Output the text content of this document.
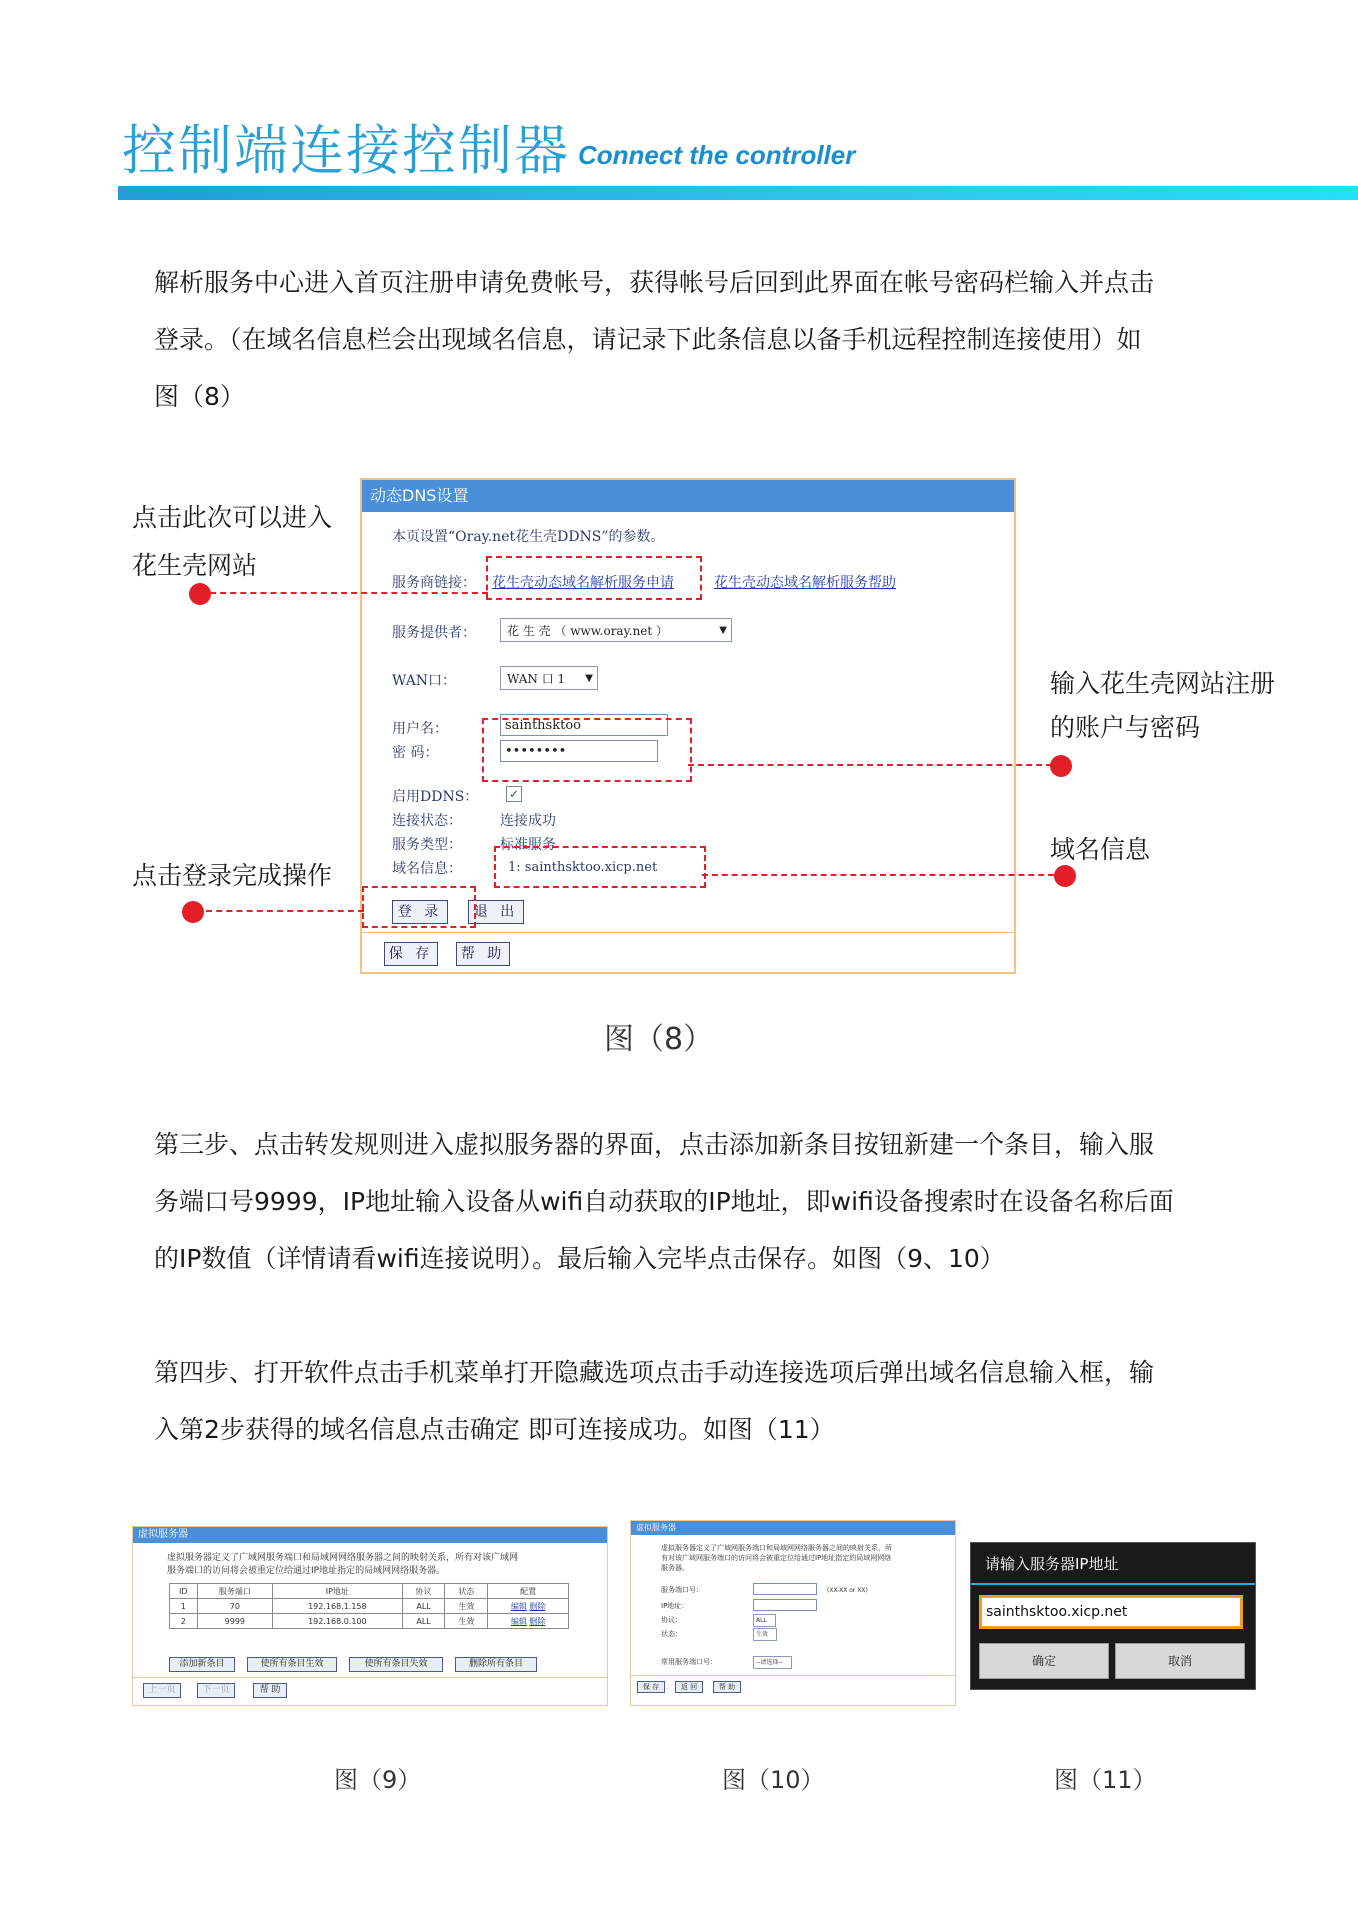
控制端连接控制器 Connect the controller
解析服务中心进入首页注册申请免费帐号，获得帐号后回到此界面在帐号密码栏输入并点击
登录。（在域名信息栏会出现域名信息，请记录下此条信息以备手机远程控制连接使用）如
图（8）
动态DNS设置
本页设置“Oray.net花生壳DDNS”的参数。
服务商链接： 花生壳动态域名解析服务申请	花生壳动态域名解析服务帮助
服务提供者：	花 生 壳 （ www.oray.net ）	▼
WAN口：	WAN 口 1 ▼
用户名：	sainthsktoo
密 码：	••••••••
启用DDNS：	✓
连接状态：	连接成功
服务类型：	标准服务
域名信息：	1: sainthsktoo.xicp.net
登 录	退 出
保 存	帮 助
点击此次可以进入
花生壳网站
点击登录完成操作
输入花生壳网站注册
的账户与密码
域名信息
图（8）
第三步、点击转发规则进入虚拟服务器的界面，点击添加新条目按钮新建一个条目，输入服
务端口号9999，IP地址输入设备从wifi自动获取的IP地址，即wifi设备搜索时在设备名称后面
的IP数值（详情请看wifi连接说明）。最后输入完毕点击保存。如图（9、10）
第四步、打开软件点击手机菜单打开隐藏选项点击手动连接选项后弹出域名信息输入框，输
入第2步获得的域名信息点击确定 即可连接成功。如图（11）
虚拟服务器
虚拟服务器定义了广域网服务端口和局域网网络服务器之间的映射关系，所有对该广域网
服务端口的访问将会被重定位给通过IP地址指定的局域网网络服务器。
ID	服务端口	IP地址	协议	状态	配置
1	70	192.168.1.158	ALL	生效	编辑 删除
2	9999	192.168.0.100	ALL	生效	编辑 删除
添加新条目	使所有条目生效	使所有条目失效	删除所有条目
上一页	下一页	帮 助
图（9）
虚拟服务器
虚拟服务器定义了广域网服务端口和局域网网络服务器之间的映射关系，所
有对该广域网服务端口的访问将会被重定位给通过IP地址指定的局域网网络
服务器。
服务端口号：	(XX-XX or XX)
IP地址：
协议：	ALL
状态：	生效
常用服务端口号：	--请选择--
保 存	返 回	帮 助
图（10）
请输入服务器IP地址
sainthsktoo.xicp.net
确定	取消
图（11）
